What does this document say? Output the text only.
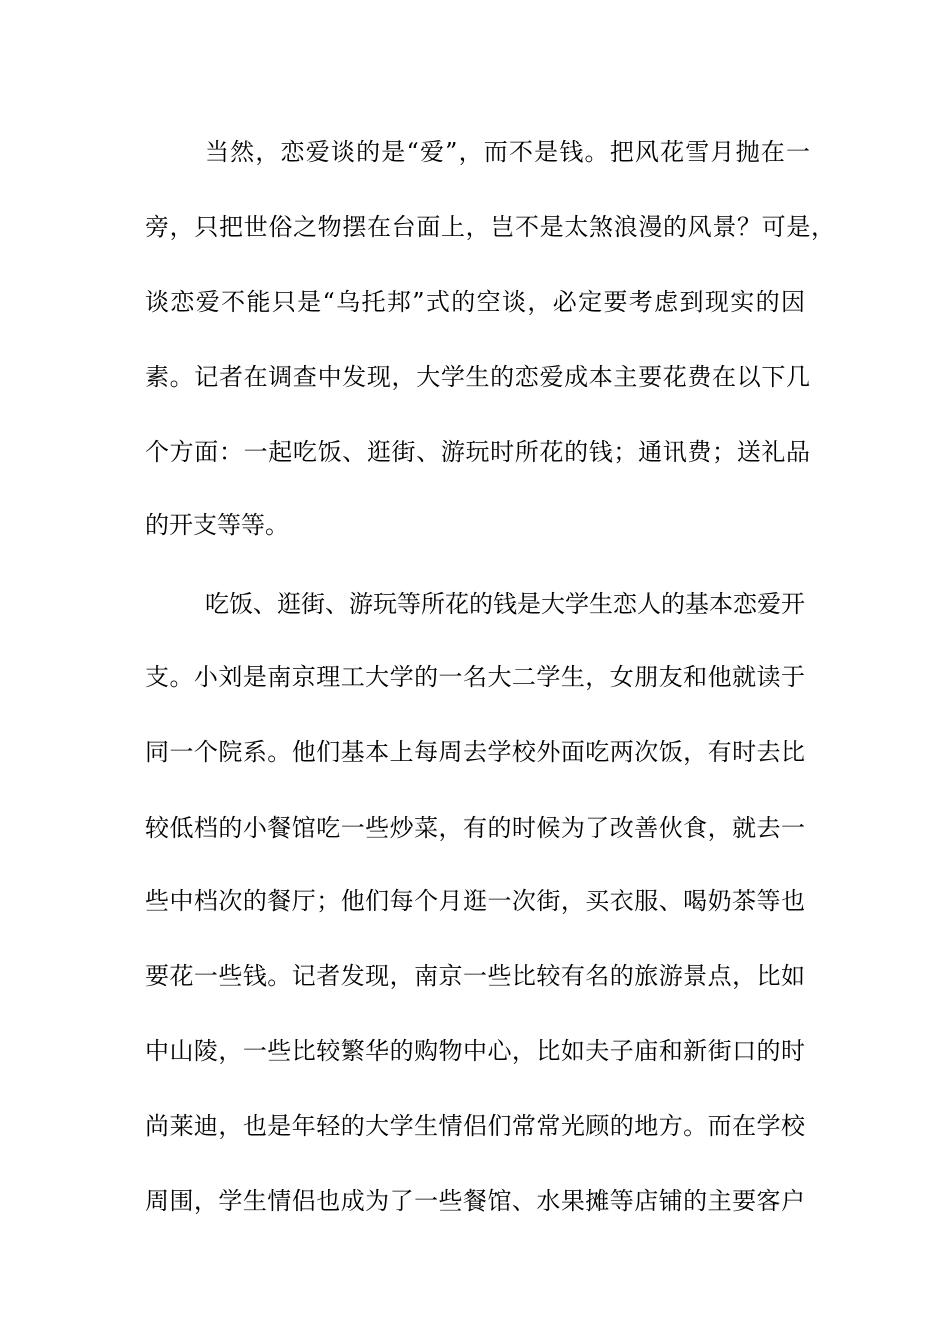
当然，恋爱谈的是“爱”，而不是钱。把风花雪月抛在一
旁，只把世俗之物摆在台面上，岂不是太煞浪漫的风景？可是，
谈恋爱不能只是“乌托邦”式的空谈，必定要考虑到现实的因
素。记者在调查中发现，大学生的恋爱成本主要花费在以下几
个方面：一起吃饭、逛街、游玩时所花的钱；通讯费；送礼品
的开支等等。
吃饭、逛街、游玩等所花的钱是大学生恋人的基本恋爱开
支。小刘是南京理工大学的一名大二学生，女朋友和他就读于
同一个院系。他们基本上每周去学校外面吃两次饭，有时去比
较低档的小餐馆吃一些炒菜，有的时候为了改善伙食，就去一
些中档次的餐厅；他们每个月逛一次街，买衣服、喝奶茶等也
要花一些钱。记者发现，南京一些比较有名的旅游景点，比如
中山陵，一些比较繁华的购物中心，比如夫子庙和新街口的时
尚莱迪，也是年轻的大学生情侣们常常光顾的地方。而在学校
周围，学生情侣也成为了一些餐馆、水果摊等店铺的主要客户
